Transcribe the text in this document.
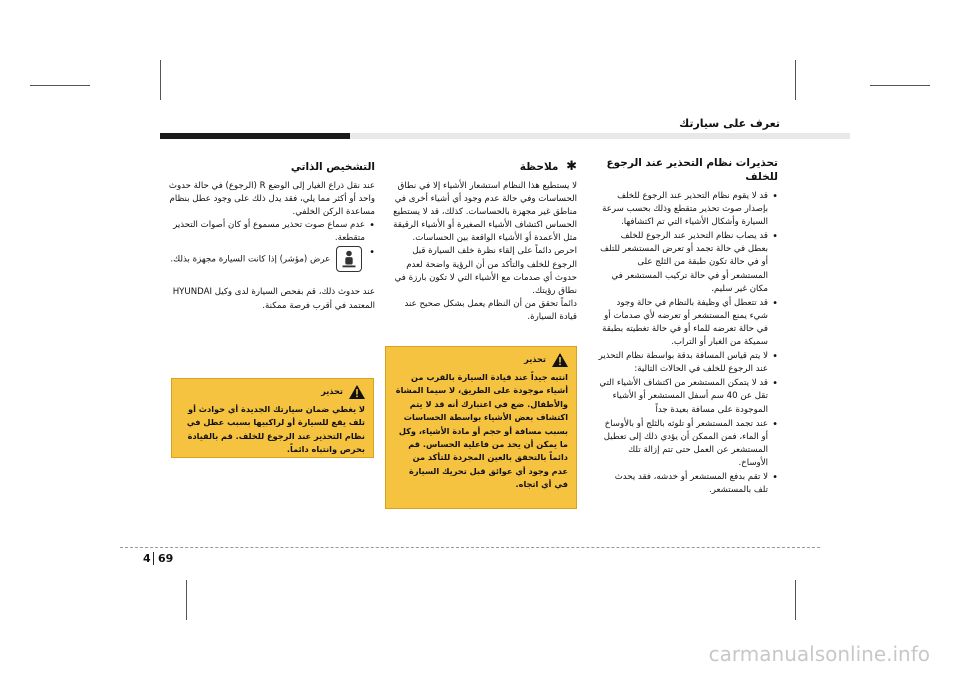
تعرف على سيارتك
تحذيرات نظام التحذير عند الرجوع للخلف
• قد لا يقوم نظام التحذير عند الرجوع للخلف بإصدار صوت تحذير متقطع وذلك بحسب سرعة السيارة وأشكال الأشياء التي تم اكتشافها.
• قد يصاب نظام التحذير عند الرجوع للخلف بعطل في حالة تجمد أو تعرض المستشعر للتلف أو في حالة تكون طبقة من الثلج على المستشعر أو في حالة تركيب المستشعر في مكان غير سليم.
• قد تتعطل أي وظيفة بالنظام في حالة وجود شيء يمنع المستشعر أو تعرضه لأي صدمات أو في حالة تعرضه للماء أو في حالة تغطيته بطبقة سميكة من الغبار أو التراب.
• لا يتم قياس المسافة بدقة بواسطة نظام التحذير عند الرجوع للخلف في الحالات التالية:
• قد لا يتمكن المستشعر من اكتشاف الأشياء التي تقل عن 40 سم أسفل المستشعر أو الأشياء الموجودة على مسافة بعيدة جداً
• عند تجمد المستشعر أو تلوثه بالثلج أو بالأوساخ أو الماء، فمن الممكن أن يؤدي ذلك إلى تعطيل المستشعر عن العمل حتى تتم إزالة تلك الأوساخ.
• لا تقم بدفع المستشعر أو خدشه، فقد يحدث تلف بالمستشعر.
✱ ملاحظة

لا يستطيع هذا النظام استشعار الأشياء إلا في نطاق الحساسات وفي حالة عدم وجود أي أشياء أخرى في مناطق غير مجهزة بالحساسات. كذلك، قد لا يستطيع الحساس اكتشاف الأشياء الصغيرة أو الأشياء الرقيقة مثل الأعمدة أو الأشياء الواقعة بين الحساسات.

احرص دائماً على إلقاء نظرة خلف السيارة قبل الرجوع للخلف والتأكد من أن الرؤية واضحة لعدم حدوث أي صدمات مع الأشياء التي لا تكون بارزة في نطاق رؤيتك.

دائماً تحقق من أن النظام يعمل بشكل صحيح عند قيادة السيارة.

تحذير
انتبه جيداً عند قيادة السيارة بالقرب من أشياء موجودة على الطريق، لا سيما المشاة والأطفال. ضع في اعتبارك أنه قد لا يتم اكتشاف بعض الأشياء بواسطة الحساسات بسبب مسافة أو حجم أو مادة الأشياء، وكل ما يمكن أن يحد من فاعلية الحساس. قم دائماً بالتحقق بالعين المجردة للتأكد من عدم وجود أي عوائق قبل تحريك السيارة في أي اتجاه.
التشخيص الذاتي

عند نقل ذراع الغيار إلى الوضع R (الرجوع) في حالة حدوث واحد أو أكثر مما يلي، فقد يدل ذلك على وجود عطل بنظام مساعدة الركن الخلفي.

• عدم سماع صوت تحذير مسموع أو كان أصوات التحذير متقطعة.
• عرض (مؤشر) إذا كانت السيارة مجهزة بذلك.

عند حدوث ذلك، قم بفحص السيارة لدى وكيل HYUNDAI المعتمد في أقرب فرصة ممكنة.

تحذير
لا يغطي ضمان سيارتك الجديدة أي حوادث أو تلف يقع للسيارة أو لراكبيها بسبب عطل في نظام التحذير عند الرجوع للخلف. قم بالقيادة بحرص وانتباه دائماً.
4 69
carmanualsonline.info
